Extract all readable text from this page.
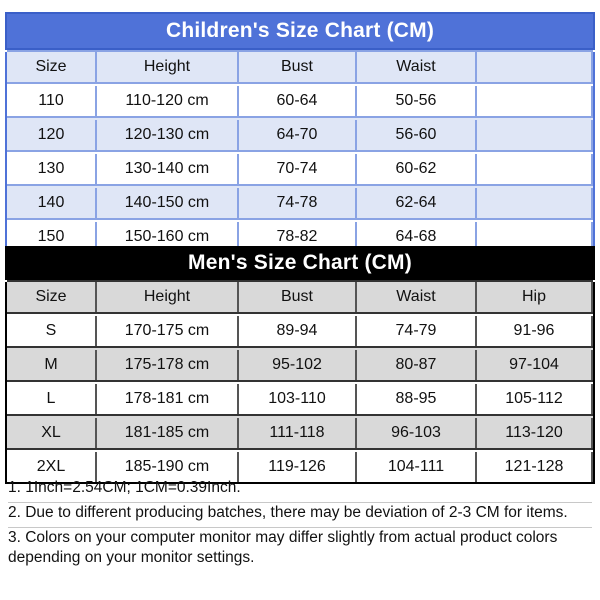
Children's Size Chart (CM)
Size	Height	Bust	Waist
110	110-120 cm	60-64	50-56
120	120-130 cm	64-70	56-60
130	130-140 cm	70-74	60-62
140	140-150 cm	74-78	62-64
150	150-160 cm	78-82	64-68
Men's Size Chart (CM)
Size	Height	Bust	Waist	Hip
S	170-175 cm	89-94	74-79	91-96
M	175-178 cm	95-102	80-87	97-104
L	178-181 cm	103-110	88-95	105-112
XL	181-185 cm	111-118	96-103	113-120
2XL	185-190 cm	119-126	104-111	121-128

1. 1Inch=2.54CM; 1CM=0.39Inch.

2. Due to different producing batches, there may be deviation of 2-3 CM for items.

3. Colors on your computer monitor may differ slightly from actual product colors depending on your monitor settings.
